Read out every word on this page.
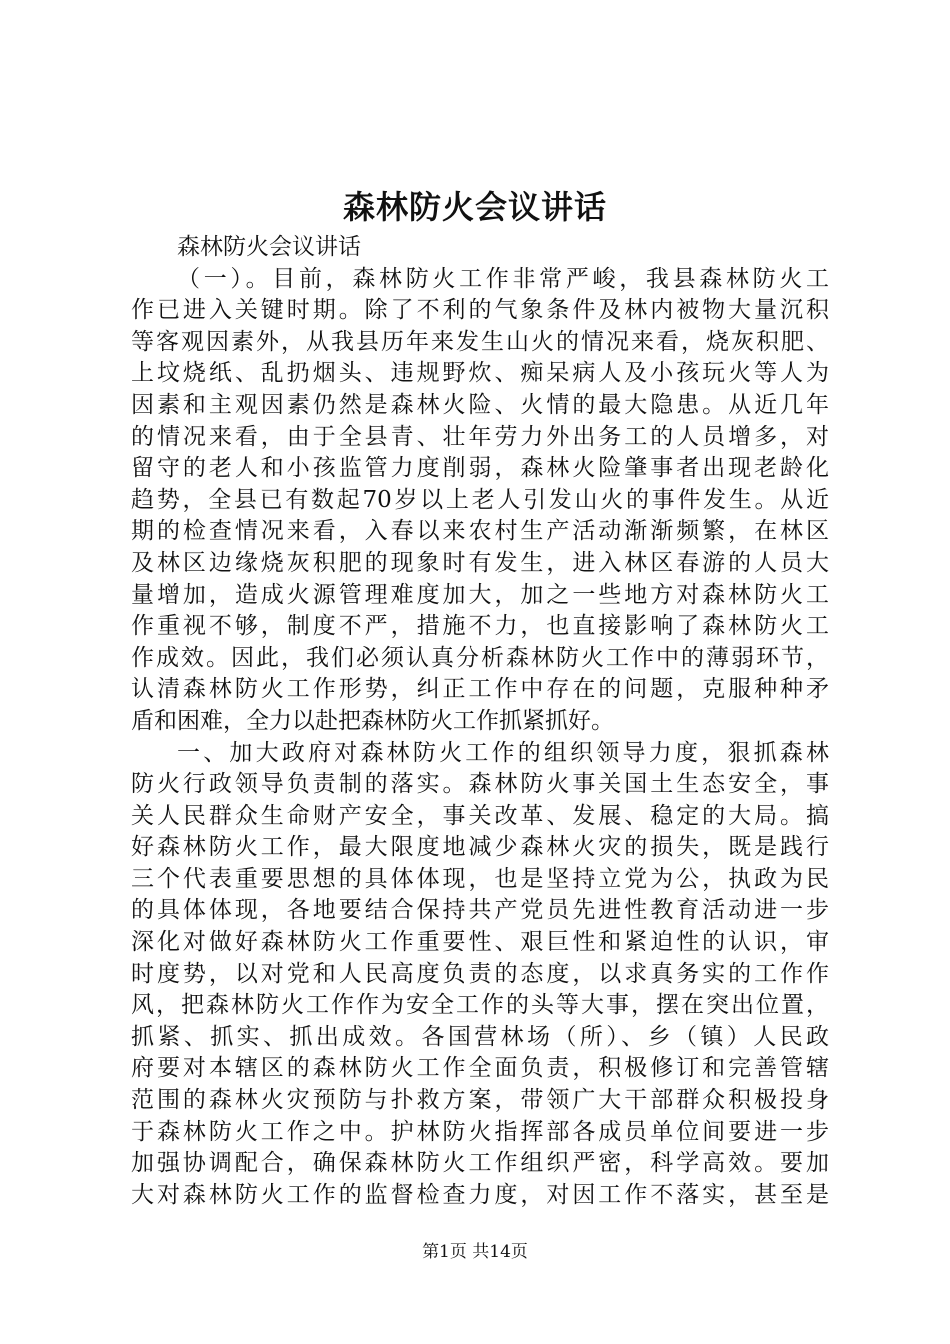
森林防火会议讲话
森林防火会议讲话
（一）。目前，森林防火工作非常严峻，我县森林防火工
作已进入关键时期。除了不利的气象条件及林内被物大量沉积
等客观因素外，从我县历年来发生山火的情况来看，烧灰积肥、
上坟烧纸、乱扔烟头、违规野炊、痴呆病人及小孩玩火等人为
因素和主观因素仍然是森林火险、火情的最大隐患。从近几年
的情况来看，由于全县青、壮年劳力外出务工的人员增多，对
留守的老人和小孩监管力度削弱，森林火险肇事者出现老龄化
趋势，全县已有数起70岁以上老人引发山火的事件发生。从近
期的检查情况来看，入春以来农村生产活动渐渐频繁，在林区
及林区边缘烧灰积肥的现象时有发生，进入林区春游的人员大
量增加，造成火源管理难度加大，加之一些地方对森林防火工
作重视不够，制度不严，措施不力，也直接影响了森林防火工
作成效。因此，我们必须认真分析森林防火工作中的薄弱环节，
认清森林防火工作形势，纠正工作中存在的问题，克服种种矛
盾和困难，全力以赴把森林防火工作抓紧抓好。
一、加大政府对森林防火工作的组织领导力度，狠抓森林
防火行政领导负责制的落实。森林防火事关国土生态安全，事
关人民群众生命财产安全，事关改革、发展、稳定的大局。搞
好森林防火工作，最大限度地减少森林火灾的损失，既是践行
三个代表重要思想的具体体现，也是坚持立党为公，执政为民
的具体体现，各地要结合保持共产党员先进性教育活动进一步
深化对做好森林防火工作重要性、艰巨性和紧迫性的认识，审
时度势，以对党和人民高度负责的态度，以求真务实的工作作
风，把森林防火工作作为安全工作的头等大事，摆在突出位置，
抓紧、抓实、抓出成效。各国营林场（所）、乡（镇）人民政
府要对本辖区的森林防火工作全面负责，积极修订和完善管辖
范围的森林火灾预防与扑救方案，带领广大干部群众积极投身
于森林防火工作之中。护林防火指挥部各成员单位间要进一步
加强协调配合，确保森林防火工作组织严密，科学高效。要加
大对森林防火工作的监督检查力度，对因工作不落实，甚至是
第1页 共14页
